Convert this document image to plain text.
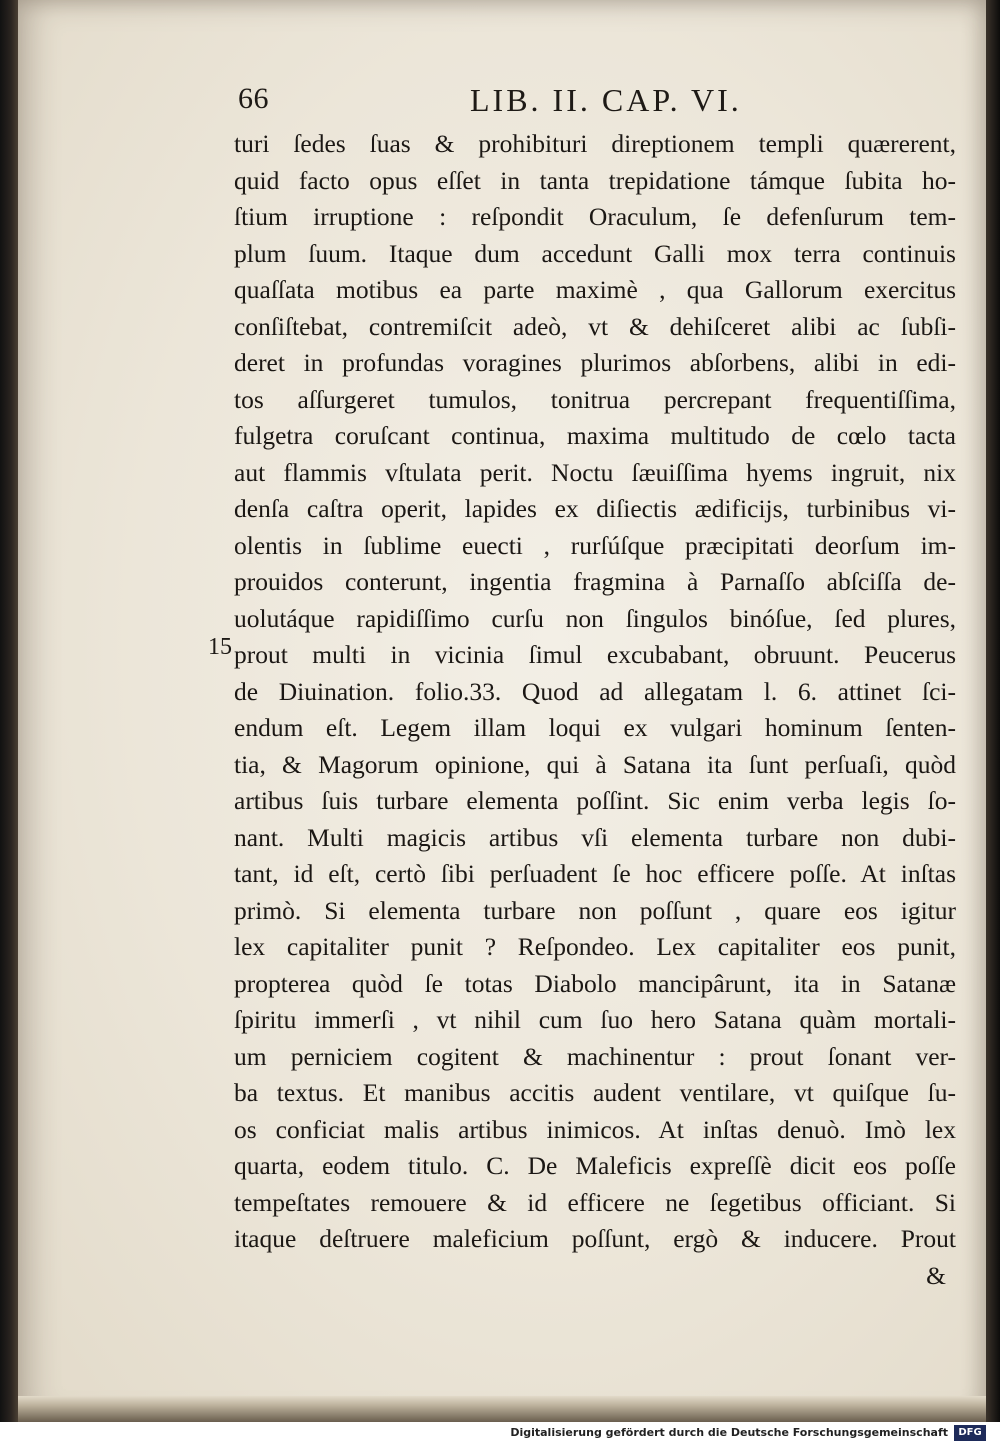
66	LIB. II. CAP. VI.
15
turi ſedes ſuas & prohibituri direptionem templi quærerent,
quid facto opus eſſet in tanta trepidatione támque ſubita ho-
ſtium irruptione : reſpondit Oraculum, ſe defenſurum tem-
plum ſuum. Itaque dum accedunt Galli mox terra continuis
quaſſata motibus ea parte maximè , qua Gallorum exercitus
conſiſtebat, contremiſcit adeò, vt & dehiſceret alibi ac ſubſi-
deret in profundas voragines plurimos abſorbens, alibi in edi-
tos aſſurgeret tumulos, tonitrua percrepant frequentiſſima,
fulgetra coruſcant continua, maxima multitudo de cœlo tacta
aut flammis vſtulata perit. Noctu ſæuiſſima hyems ingruit, nix
denſa caſtra operit, lapides ex diſiectis ædificijs, turbinibus vi-
olentis in ſublime euecti , rurſúſque præcipitati deorſum im-
prouidos conterunt, ingentia fragmina à Parnaſſo abſciſſa de-
uolutáque rapidiſſimo curſu non ſingulos binóſue, ſed plures,
prout multi in vicinia ſimul excubabant, obruunt. Peucerus
de Diuination. folio.33. Quod ad allegatam l. 6. attinet ſci-
endum eſt. Legem illam loqui ex vulgari hominum ſenten-
tia, & Magorum opinione, qui à Satana ita ſunt perſuaſi, quòd
artibus ſuis turbare elementa poſſint. Sic enim verba legis ſo-
nant. Multi magicis artibus vſi elementa turbare non dubi-
tant, id eſt, certò ſibi perſuadent ſe hoc efficere poſſe. At inſtas
primò. Si elementa turbare non poſſunt , quare eos igitur
lex capitaliter punit ? Reſpondeo. Lex capitaliter eos punit,
propterea quòd ſe totas Diabolo mancipârunt, ita in Satanæ
ſpiritu immerſi , vt nihil cum ſuo hero Satana quàm mortali-
um perniciem cogitent & machinentur : prout ſonant ver-
ba textus. Et manibus accitis audent ventilare, vt quiſque ſu-
os conficiat malis artibus inimicos. At inſtas denuò. Imò lex
quarta, eodem titulo. C. De Maleficis expreſſè dicit eos poſſe
tempeſtates remouere & id efficere ne ſegetibus officiant. Si
itaque deſtruere maleficium poſſunt, ergò & inducere. Prout
&
Digitalisierung gefördert durch die Deutsche Forschungsgemeinschaft	DFG
